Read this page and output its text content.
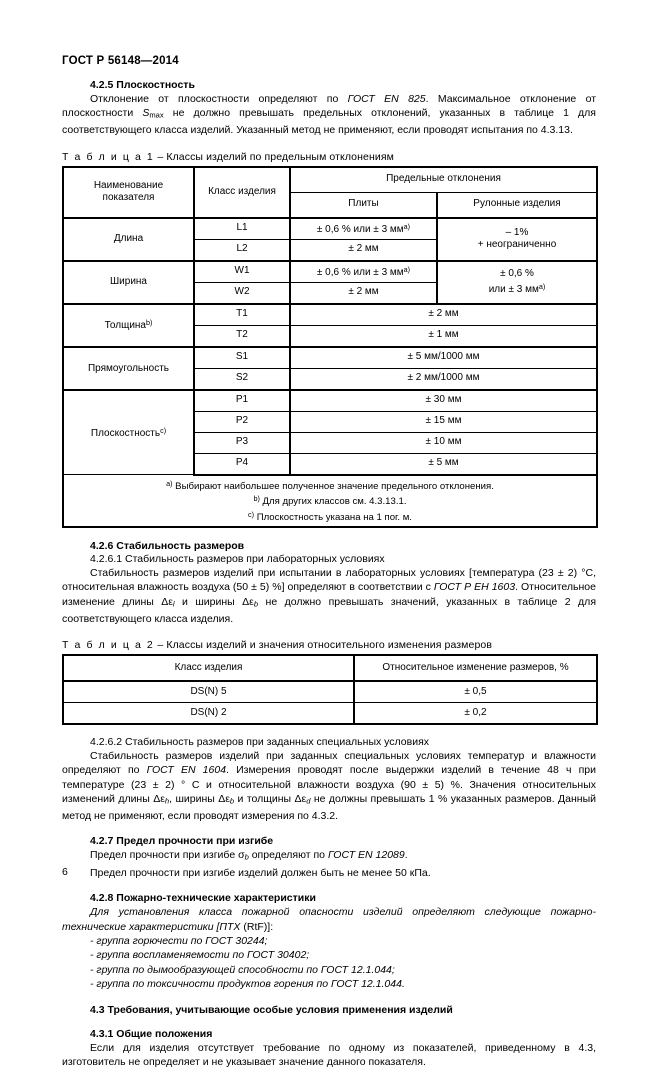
ГОСТ Р 56148—2014
4.2.5 Плоскостность

Отклонение от плоскостности определяют по ГОСТ EN 825. Максимальное отклонение от плоскостности $S_{max}$ не должно превышать предельных отклонений, указанных в таблице 1 для соответствующего класса изделий. Указанный метод не применяют, если проводят испытания по 4.3.13.

Т а б л и ц а 1 – Классы изделий по предельным отклонениям
Наименование показателя	Класс изделия	Предельные отклонения	
		Плиты	Рулонные изделия
Длина	L1	± 0,6 % или ± 3 $мм^{a)}$	– 1%
+ неограниченно

	L2	± 2 мм	
Ширина	W1	± 0,6 % или ± 3 $мм^{a)}$	± 0,6 %
или ± 3 $мм^{a)}$

	W2	± 2 мм	
Толщина$^{b)}$	T1	± 2 мм	
	T2	± 1 мм	
Прямоугольность	S1	± 5 мм/1000 мм	
	S2	± 2 мм/1000 мм	
Плоскостность$^{c)}$	P1	± 30 мм	
	P2	± 15 мм	
	P3	± 10 мм	
	P4	± 5 мм	

$^{a)}$ Выбирают наибольшее полученное значение предельного отклонения.
$^{b)}$ Для других классов см. 4.3.13.1.
$^{c)}$ Плоскостность указана на 1 пог. м.			
4.2.6 Стабильность размеров
4.2.6.1 Стабильность размеров при лабораторных условиях

Стабильность размеров изделий при испытании в лабораторных условиях [температура (23 ± 2) °С, относительная влажность воздуха (50 ± 5) %] определяют в соответствии с ГОСТ Р ЕН 1603. Относительное изменение длины $\Delta\varepsilon_l$ и ширины $\Delta\varepsilon_b$ не должно превышать значений, указанных в таблице 2 для соответствующего класса изделия.

Т а б л и ц а 2 – Классы изделий и значения относительного изменения размеров
Класс изделия	Относительное изменение размеров, %
DS(N) 5	± 0,5
DS(N) 2	± 0,2
4.2.6.2 Стабильность размеров при заданных специальных условиях

Стабильность размеров изделий при заданных специальных условиях температур и влажности определяют по ГОСТ EN 1604. Измерения проводят после выдержки изделий в течение 48 ч при температуре (23 ± 2) ° С и относительной влажности воздуха (90 ± 5) %. Значения относительных изменений длины $\Delta\varepsilon_h$, ширины $\Delta\varepsilon_b$ и толщины $\Delta\varepsilon_d$ не должны превышать 1 % указанных размеров. Данный метод не применяют, если проводят измерения по 4.3.2.

4.2.7 Предел прочности при изгибе

Предел прочности при изгибе $\sigma_b$ определяют по ГОСТ EN 12089.

Предел прочности при изгибе изделий должен быть не менее 50 кПа.

4.2.8 Пожарно-технические характеристики

Для установления класса пожарной опасности изделий определяют следующие пожарно-технические характеристики [ПТХ (RtF)]:

- группа горючести по ГОСТ 30244;
- группа воспламеняемости по ГОСТ 30402;
- группа по дымообразующей способности по ГОСТ 12.1.044;
- группа по токсичности продуктов горения по ГОСТ 12.1.044.
4.3 Требования, учитывающие особые условия применения изделий
4.3.1 Общие положения

Если для изделия отсутствует требование по одному из показателей, приведенному в 4.3, изготовитель не определяет и не указывает значение данного показателя.

6
